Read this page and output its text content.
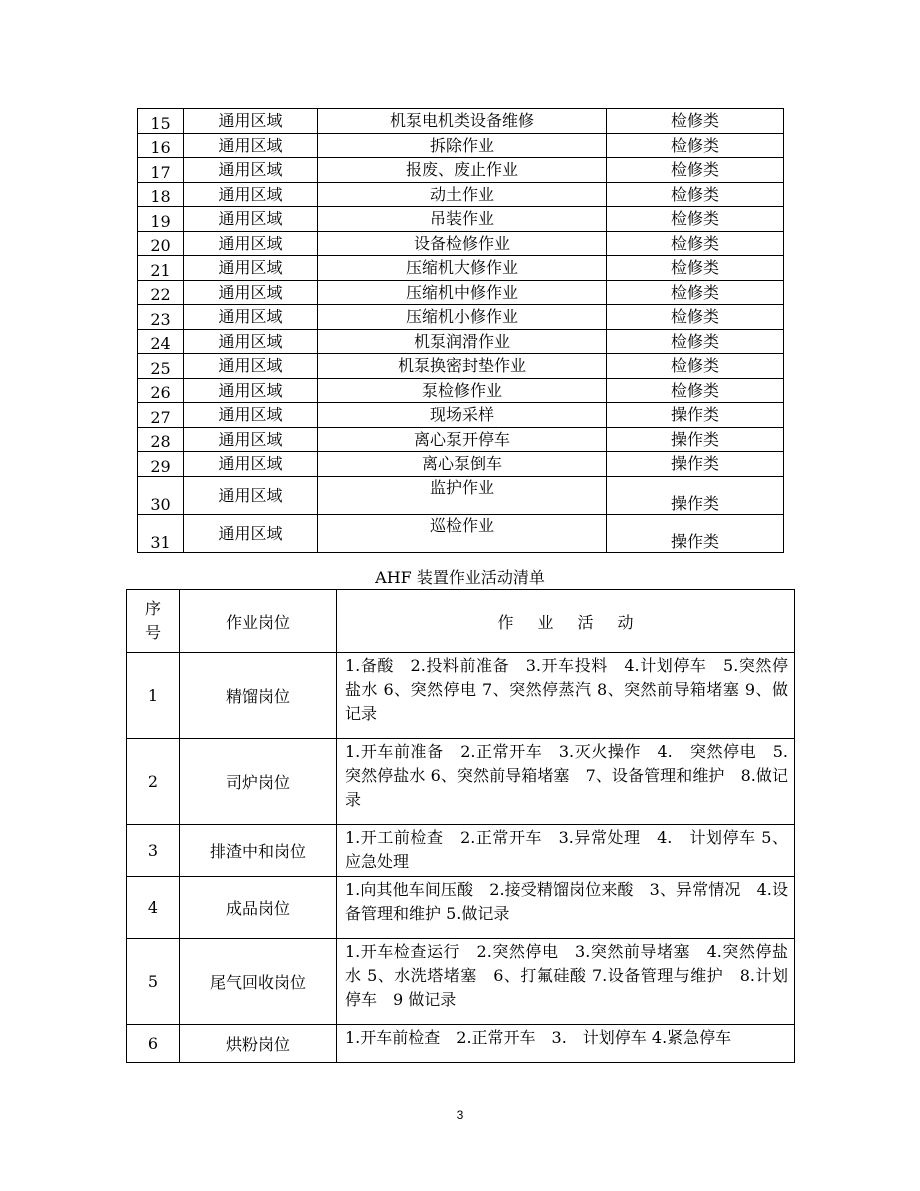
15	通用区域	机泵电机类设备维修	检修类
16	通用区域	拆除作业	检修类
17	通用区域	报废、废止作业	检修类
18	通用区域	动土作业	检修类
19	通用区域	吊装作业	检修类
20	通用区域	设备检修作业	检修类
21	通用区域	压缩机大修作业	检修类
22	通用区域	压缩机中修作业	检修类
23	通用区域	压缩机小修作业	检修类
24	通用区域	机泵润滑作业	检修类
25	通用区域	机泵换密封垫作业	检修类
26	通用区域	泵检修作业	检修类
27	通用区域	现场采样	操作类
28	通用区域	离心泵开停车	操作类
29	通用区域	离心泵倒车	操作类
30	通用区域	监护作业	操作类
31	通用区域	巡检作业	操作类
AHF 装置作业活动清单
序
号	作业岗位	作 业 活 动
1	精馏岗位	1.备酸　2.投料前准备　3.开车投料　4.计划停车　5.突然停盐水 6、突然停电 7、突然停蒸汽 8、突然前导箱堵塞 9、做记录
2	司炉岗位	1.开车前准备　2.正常开车　3.灭火操作　4.　突然停电　5.突然停盐水 6、突然前导箱堵塞　7、设备管理和维护　8.做记录
3	排渣中和岗位	1.开工前检查　2.正常开车　3.异常处理　4.　计划停车 5、应急处理
4	成品岗位	1.向其他车间压酸　2.接受精馏岗位来酸　3、异常情况　4.设备管理和维护 5.做记录
5	尾气回收岗位	1.开车检查运行　2.突然停电　3.突然前导堵塞　4.突然停盐水 5、水洗塔堵塞　6、打氟硅酸 7.设备管理与维护　8.计划停车　9 做记录
6	烘粉岗位	1.开车前检查　2.正常开车　3.　计划停车 4.紧急停车
3
